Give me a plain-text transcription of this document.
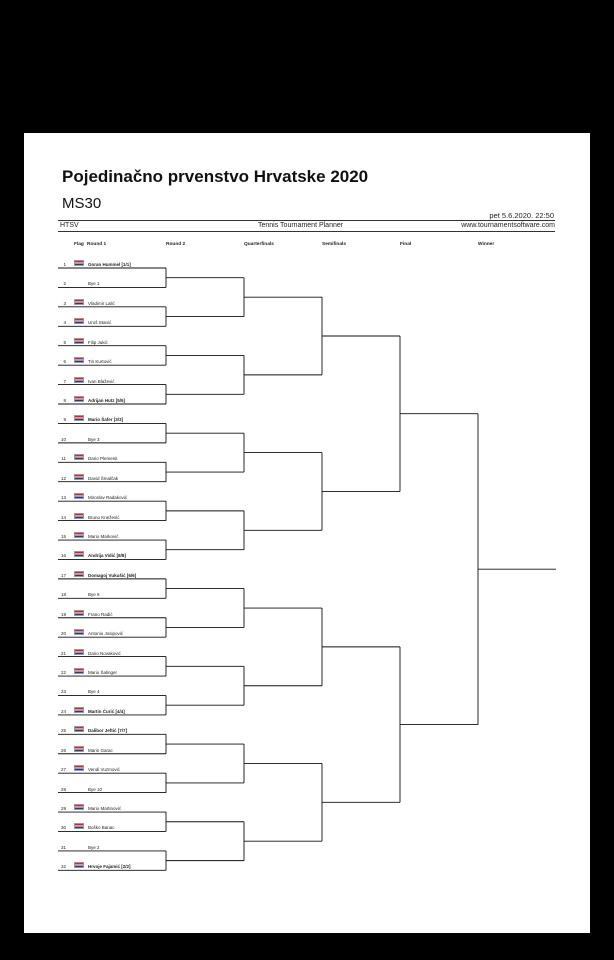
Pojedinačno prvenstvo Hrvatske 2020
MS30
pet 5.6.2020. 22:50
HTSV	Tennis Tournament Planner	www.tournamentsoftware.com
Flag Round 1	Round 2	Quarterfinals	Semifinals	Final	Winner
1	Goran Hummel [1/1]
2	Bye 1
3	Vladimir Lalić
4	Uroš Stanić
5	Filip Jukić
6	Tin Kurtović
7	Ivan Blažević
8	Adrijan Hutz [5/5]
9	Mario Šafer [3/3]
10	Bye 3
11	Dario Plemenit
12	David Šmalčak
13	Miroslav Radaković
14	Bruno Knežević
15	Mario Marković
16	Andrija Vidić [8/8]
17	Domagoj Vukušić [6/6]
18	Bye 6
19	Frano Radić
20	Antonio Josipović
21	Dario Novaković
22	Mario Šalinger
23	Bye 4
24	Martin Ćurić [4/4]
25	Dalibor Jeftić [7/7]
26	Marin Garac
27	Vendi Vuzmović
28	Bye 10
29	Mario Martinović
30	Boško Banac
31	Bye 2
32	Hrvoje Fajamić [2/2]
